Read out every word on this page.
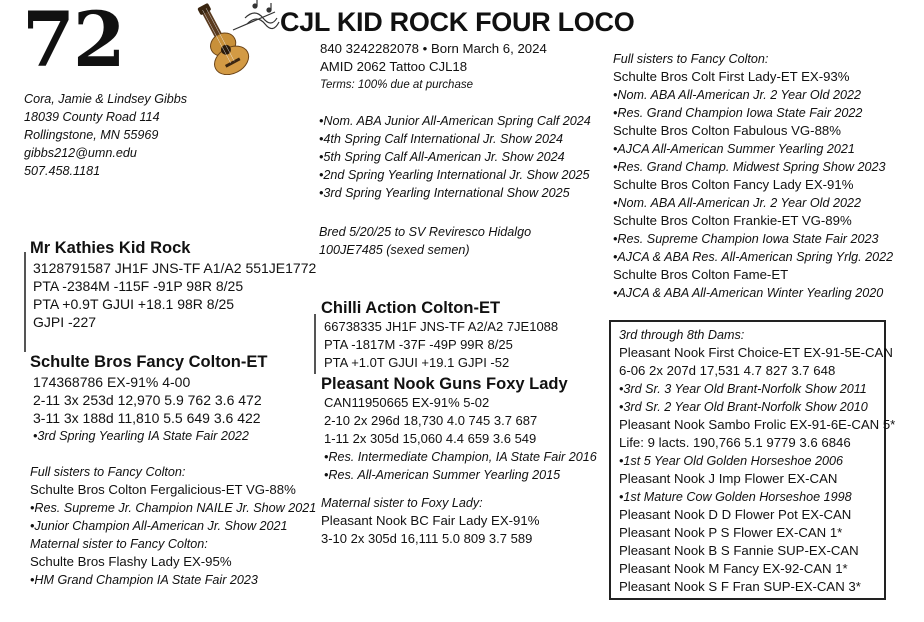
72	CJL KID ROCK FOUR LOCO
Cora, Jamie & Lindsey Gibbs
18039 County Road 114
Rollingstone, MN 55969
gibbs212@umn.edu
507.458.1181
840 3242282078 • Born March 6, 2024
AMID 2062 Tattoo CJL18
Terms: 100% due at purchase
•Nom. ABA Junior All-American Spring Calf 2024
•4th Spring Calf International Jr. Show 2024
•5th Spring Calf All-American Jr. Show 2024
•2nd Spring Yearling International Jr. Show 2025
•3rd Spring Yearling International Show 2025
Bred 5/20/25 to SV Reviresco Hidalgo
100JE7485 (sexed semen)
Mr Kathies Kid Rock
3128791587 JH1F JNS-TF A1/A2 551JE1772
PTA -2384M -115F -91P 98R 8/25
PTA +0.9T GJUI +18.1 98R 8/25
GJPI -227
Schulte Bros Fancy Colton-ET
174368786 EX-91% 4-00
2-11 3x 253d 12,970 5.9 762 3.6 472
3-11 3x 188d 11,810 5.5 649 3.6 422
•3rd Spring Yearling IA State Fair 2022
Full sisters to Fancy Colton:
Schulte Bros Colton Fergalicious-ET VG-88%
•Res. Supreme Jr. Champion NAILE Jr. Show 2021
•Junior Champion All-American Jr. Show 2021
Maternal sister to Fancy Colton:
Schulte Bros Flashy Lady EX-95%
•HM Grand Champion IA State Fair 2023
Chilli Action Colton-ET
66738335 JH1F JNS-TF A2/A2 7JE1088
PTA -1817M -37F -49P 99R 8/25
PTA +1.0T GJUI +19.1 GJPI -52
Pleasant Nook Guns Foxy Lady
CAN11950665 EX-91% 5-02
2-10 2x 296d 18,730 4.0 745 3.7 687
1-11 2x 305d 15,060 4.4 659 3.6 549
•Res. Intermediate Champion, IA State Fair 2016
•Res. All-American Summer Yearling 2015
Maternal sister to Foxy Lady:
Pleasant Nook BC Fair Lady EX-91%
3-10 2x 305d 16,111 5.0 809 3.7 589
Full sisters to Fancy Colton:
Schulte Bros Colt First Lady-ET EX-93%
•Nom. ABA All-American Jr. 2 Year Old 2022
•Res. Grand Champion Iowa State Fair 2022
Schulte Bros Colton Fabulous VG-88%
•AJCA All-American Summer Yearling 2021
•Res. Grand Champ. Midwest Spring Show 2023
Schulte Bros Colton Fancy Lady EX-91%
•Nom. ABA All-American Jr. 2 Year Old 2022
Schulte Bros Colton Frankie-ET VG-89%
•Res. Supreme Champion Iowa State Fair 2023
•AJCA & ABA Res. All-American Spring Yrlg. 2022
Schulte Bros Colton Fame-ET
•AJCA & ABA All-American Winter Yearling 2020
3rd through 8th Dams:
Pleasant Nook First Choice-ET EX-91-5E-CAN
6-06 2x 207d 17,531 4.7 827 3.7 648
•3rd Sr. 3 Year Old Brant-Norfolk Show 2011
•3rd Sr. 2 Year Old Brant-Norfolk Show 2010
Pleasant Nook Sambo Frolic EX-91-6E-CAN 5*
Life: 9 lacts. 190,766 5.1 9779 3.6 6846
•1st 5 Year Old Golden Horseshoe 2006
Pleasant Nook J Imp Flower EX-CAN
•1st Mature Cow Golden Horseshoe 1998
Pleasant Nook D D Flower Pot EX-CAN
Pleasant Nook P S Flower EX-CAN 1*
Pleasant Nook B S Fannie SUP-EX-CAN
Pleasant Nook M Fancy EX-92-CAN 1*
Pleasant Nook S F Fran SUP-EX-CAN 3*
